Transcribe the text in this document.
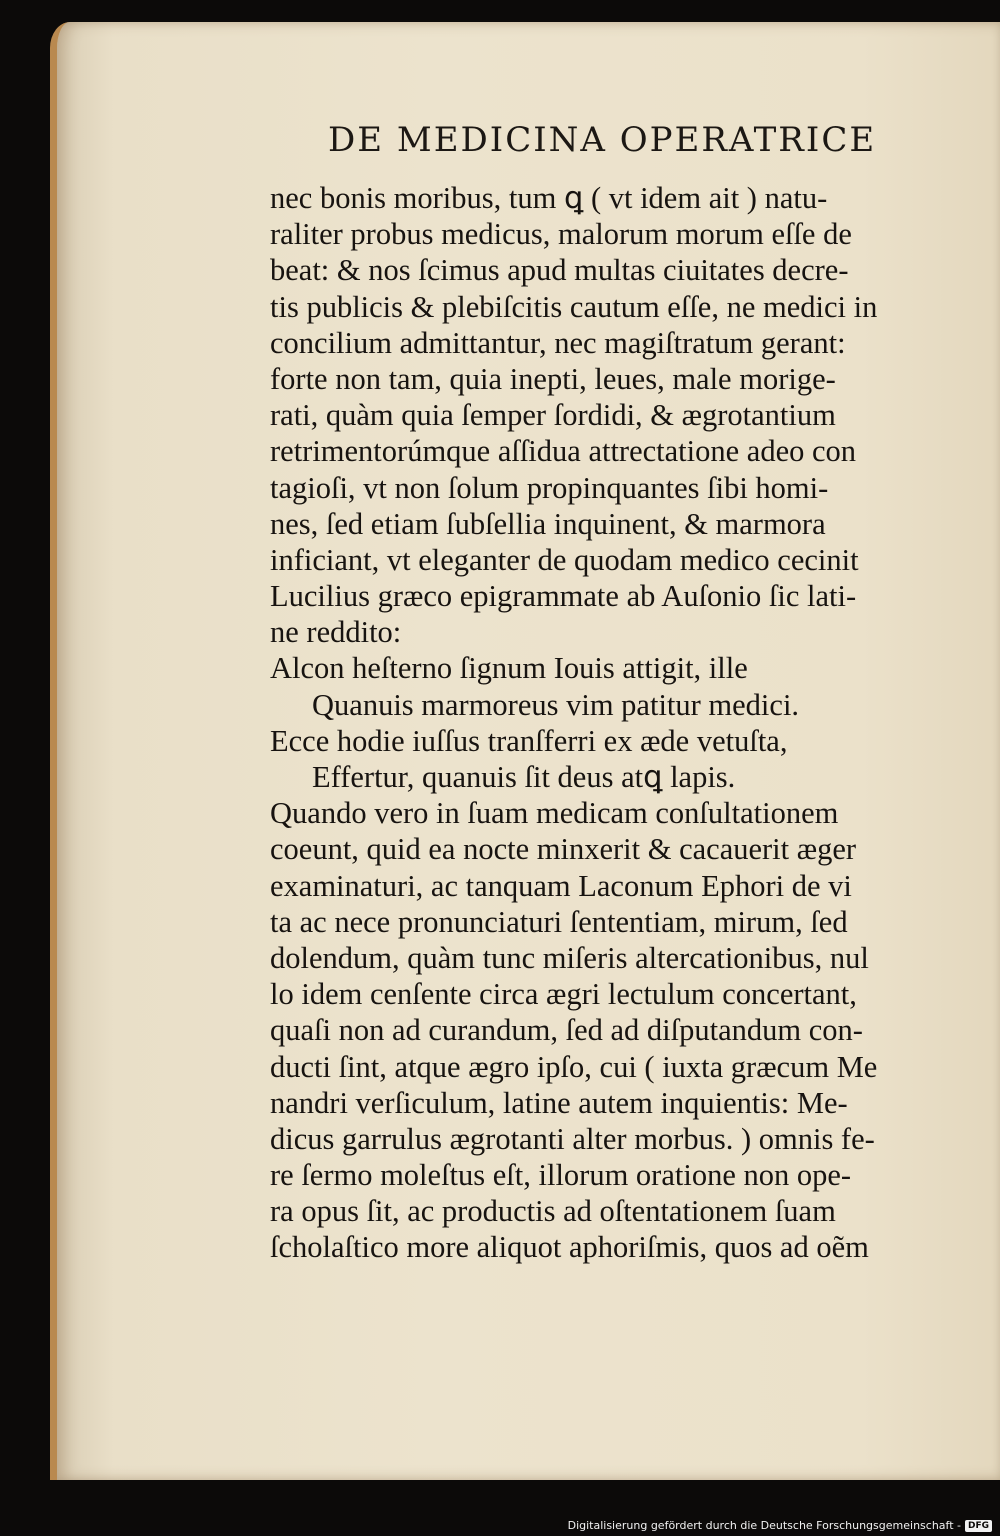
DE MEDICINA OPERATRICE
nec bonis moribus, tum ꝗ ( vt idem ait ) natu-
raliter probus medicus, malorum morum eſſe de
beat: & nos ſcimus apud multas ciuitates decre-
tis publicis & plebiſcitis cautum eſſe, ne medici in
concilium admittantur, nec magiſtratum gerant:
forte non tam, quia inepti, leues, male morige-
rati, quàm quia ſemper ſordidi, & ægrotantium
retrimentorúmque aſſidua attrectatione adeo con
tagioſi, vt non ſolum propinquantes ſibi homi-
nes, ſed etiam ſubſellia inquinent, & marmora
inficiant, vt eleganter de quodam medico cecinit
Lucilius græco epigrammate ab Auſonio ſic lati-
ne reddito:
Alcon heſterno ſignum Iouis attigit, ille
Quanuis marmoreus vim patitur medici.
Ecce hodie iuſſus tranſferri ex æde vetuſta,
Effertur, quanuis ſit deus atꝗ lapis.
Quando vero in ſuam medicam conſultationem
coeunt, quid ea nocte minxerit & cacauerit æger
examinaturi, ac tanquam Laconum Ephori de vi
ta ac nece pronunciaturi ſententiam, mirum, ſed
dolendum, quàm tunc miſeris altercationibus, nul
lo idem cenſente circa ægri lectulum concertant,
quaſi non ad curandum, ſed ad diſputandum con-
ducti ſint, atque ægro ipſo, cui ( iuxta græcum Me
nandri verſiculum, latine autem inquientis: Me-
dicus garrulus ægrotanti alter morbus. ) omnis fe-
re ſermo moleſtus eſt, illorum oratione non ope-
ra opus ſit, ac productis ad oſtentationem ſuam
ſcholaſtico more aliquot aphoriſmis, quos ad oẽm
Digitalisierung gefördert durch die Deutsche Forschungsgemeinschaft - DFG
